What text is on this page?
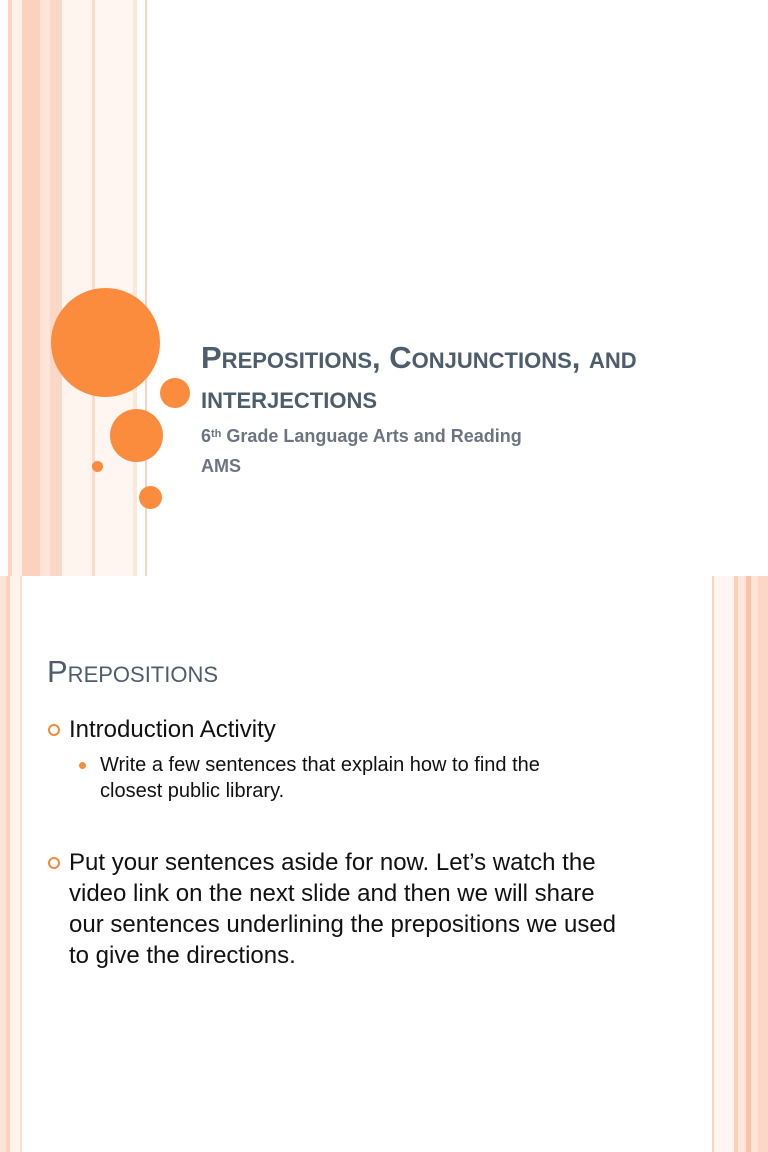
Prepositions, Conjunctions, and
interjections

6th Grade Language Arts and Reading

AMS

Prepositions

Introduction Activity

Write a few sentences that explain how to find the

closest public library.

Put your sentences aside for now. Let’s watch the

video link on the next slide and then we will share

our sentences underlining the prepositions we used

to give the directions.
